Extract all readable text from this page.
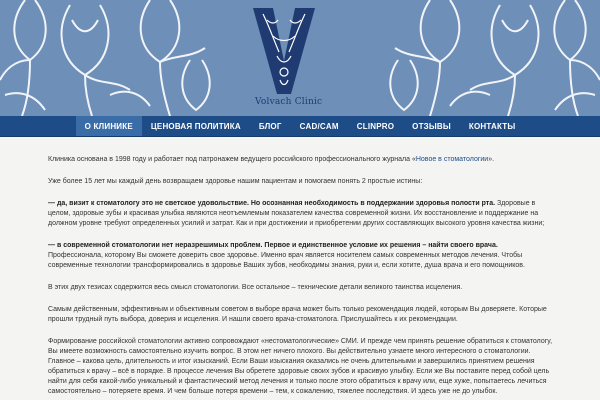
Volvach Clinic
О КЛИНИКЕ	ЦЕНОВАЯ ПОЛИТИКА	БЛОГ	CAD/CAM	CLINPRO	ОТЗЫВЫ	КОНТАКТЫ

Клиника основана в 1998 году и работает под патронажем ведущего российского профессионального журнала «Новое в стоматологии».

Уже более 15 лет мы каждый день возвращаем здоровье нашим пациентам и помогаем понять 2 простые истины:

— да, визит к стоматологу это не светское удовольствие. Но осознанная необходимость в поддержании здоровья полости рта. Здоровые в целом, здоровые зубы и красивая улыбка являются неотъемлемым показателем качества современной жизни. Их восстановление и поддержание на должном уровне требуют определенных усилий и затрат. Как и при достижении и приобретении других составляющих высокого уровня качества жизни;

— в современной стоматологии нет неразрешимых проблем. Первое и единственное условие их решения – найти своего врача. Профессионала, которому Вы сможете доверить свое здоровье. Именно врач является носителем самых современных методов лечения. Чтобы современные технологии трансформировались в здоровье Ваших зубов, необходимы знания, руки и, если хотите, душа врача и его помощников.

В этих двух тезисах содержится весь смысл стоматологии. Все остальное – технические детали великого таинства исцеления.

Самым действенным, эффективным и объективным советом в выборе врача может быть только рекомендация людей, которым Вы доверяете. Которые прошли трудный путь выбора, доверия и исцеления. И нашли своего врача-стоматолога. Прислушайтесь к их рекомендации.

Формирование российской стоматологии активно сопровождают «нестоматологические» СМИ. И прежде чем принять решение обратиться к стоматологу, Вы имеете возможность самостоятельно изучить вопрос. В этом нет ничего плохого. Вы действительно узнаете много интересного о стоматологии. Главное – какова цель, длительность и итог изысканий. Если Ваши изыскания оказались не очень длительными и завершились принятием решения обратиться к врачу – всё в порядке. В процессе лечения Вы обретете здоровые своих зубов и красивую улыбку. Если же Вы поставите перед собой цель найти для себя какой-либо уникальный и фантастический метод лечения и только после этого обратиться к врачу или, еще хуже, попытаетесь лечиться самостоятельно – потеряете время. И чем больше потеря времени – тем, к сожалению, тяжелее последствия. И здесь уже не до улыбок.
